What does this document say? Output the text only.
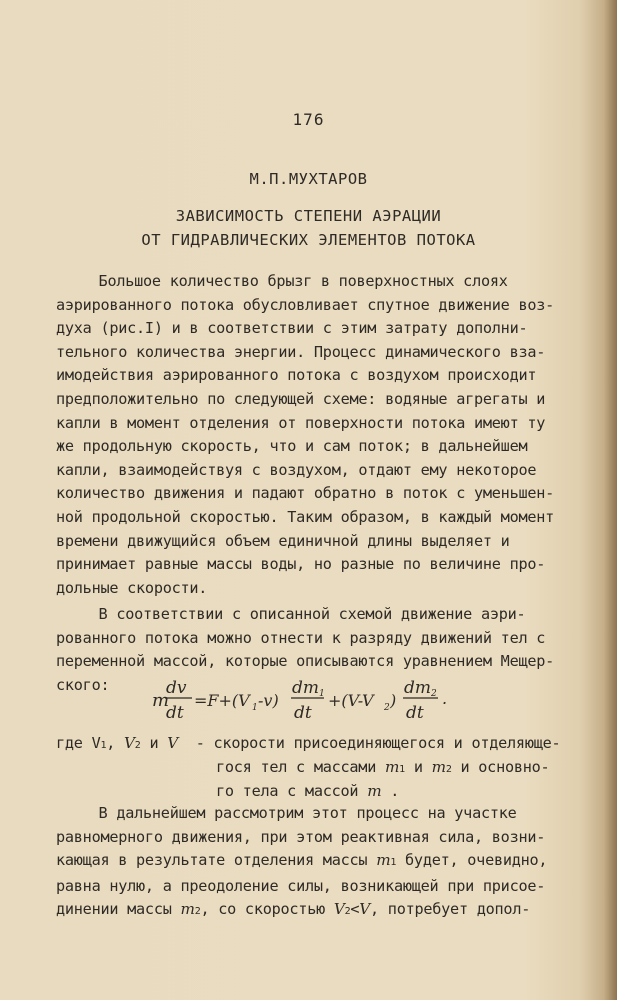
176
М.П.МУХТАРОВ
ЗАВИСИМОСТЬ СТЕПЕНИ АЭРАЦИИ
ОТ ГИДРАВЛИЧЕСКИХ ЭЛЕМЕНТОВ ПОТОКА
Большое количество брызг в поверхностных слоях
аэрированного потока обусловливает спутное движение воз-
духа (рис.I) и в соответствии с этим затрату дополни-
тельного количества энергии. Процесс динамического вза-
имодействия аэрированного потока с воздухом происходит
предположительно по следующей схеме: водяные агрегаты и
капли в момент отделения от поверхности потока имеют ту
же продольную скорость, что и сам поток; в дальнейшем
капли, взаимодействуя с воздухом, отдают ему некоторое
количество движения и падают обратно в поток с уменьшен-
ной продольной скоростью. Таким образом, в каждый момент
времени движущийся объем единичной длины выделяет и
принимает равные массы воды, но разные по величине про-
дольные скорости.
В соответствии с описанной схемой движение аэри-
рованного потока можно отнести к разряду движений тел с
переменной массой, которые описываются уравнением Мещер-
ского:
m
dv
dt
=F+(V 1 -v)
dm 1
dt
+(V-V 2 )
dm 2
dt
.
где V1, V2 и V - скорости присоединяющегося и отделяюще-
гося тел с массами m1 и m2 и основно-
го тела с массой m .
В дальнейшем рассмотрим этот процесс на участке
равномерного движения, при этом реактивная сила, возни-
кающая в результате отделения массы m1 будет, очевидно,
равна нулю, а преодоление силы, возникающей при присое-
динении массы m2, со скоростью V2<V, потребует допол-
